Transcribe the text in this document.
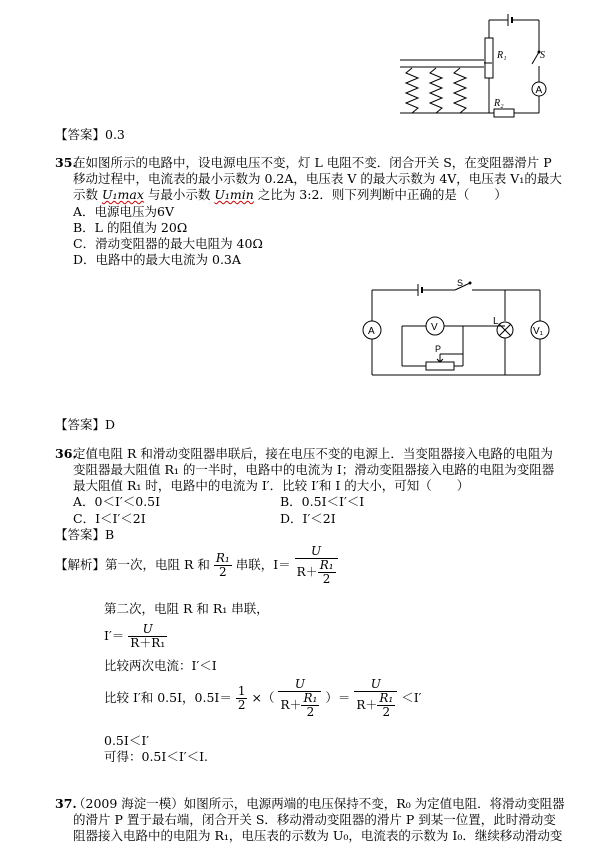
R₁
R₂
S
A
【答案】0.3
35.
在如图所示的电路中，设电源电压不变，灯 L 电阻不变．闭合开关 S，在变阻器滑片 P
移动过程中，电流表的最小示数为 0.2A，电压表 V 的最大示数为 4V，电压表 V₁的最大
示数 U₁max 与最小示数 U₁min 之比为 3:2．则下列判断中正确的是（　　）
A．电源电压为6V
B．L 的阻值为 20Ω
C．滑动变阻器的最大电阻为 40Ω
D．电路中的最大电流为 0.3A
A	V	V₁
L
S
P
【答案】D
36.
定值电阻 R 和滑动变阻器串联后，接在电压不变的电源上．当变阻器接入电路的电阻为
变阻器最大阻值 R₁ 的一半时，电路中的电流为 I；滑动变阻器接入电路的电阻为变阻器
最大阻值 R₁ 时，电路中的电流为 I′．比较 I′和 I 的大小，可知（　　）
A．0＜I′＜0.5I	B．0.5I＜I′＜I
C．I＜I′＜2I	D．I′＜2I
【答案】B
【解析】第一次，电阻 R 和 $\frac{\text{R₁}}{2}$ 串联，$I= \frac{U}{R+ \frac{\text{R₁}}{2}}$
第二次，电阻 R 和 R₁ 串联，
$I'= \frac{U}{\text{R＋R₁}}$
比较两次电流：I′＜I
比较 I′和 0.5I，$0.5I= \frac{1}{2}$ ×（ $\frac{U}{R+ \frac{\text{R₁}}{2}}$ ）＝ $\frac{U}{R+ \frac{\text{R₁}}{2}} <I'$
0.5I＜I′
可得：0.5I＜I′＜I.
37.
（2009 海淀一模）如图所示，电源两端的电压保持不变，R₀ 为定值电阻．将滑动变阻器
的滑片 P 置于最右端，闭合开关 S．移动滑动变阻器的滑片 P 到某一位置，此时滑动变
阻器接入电路中的电阻为 R₁，电压表的示数为 U₀，电流表的示数为 I₀．继续移动滑动变
